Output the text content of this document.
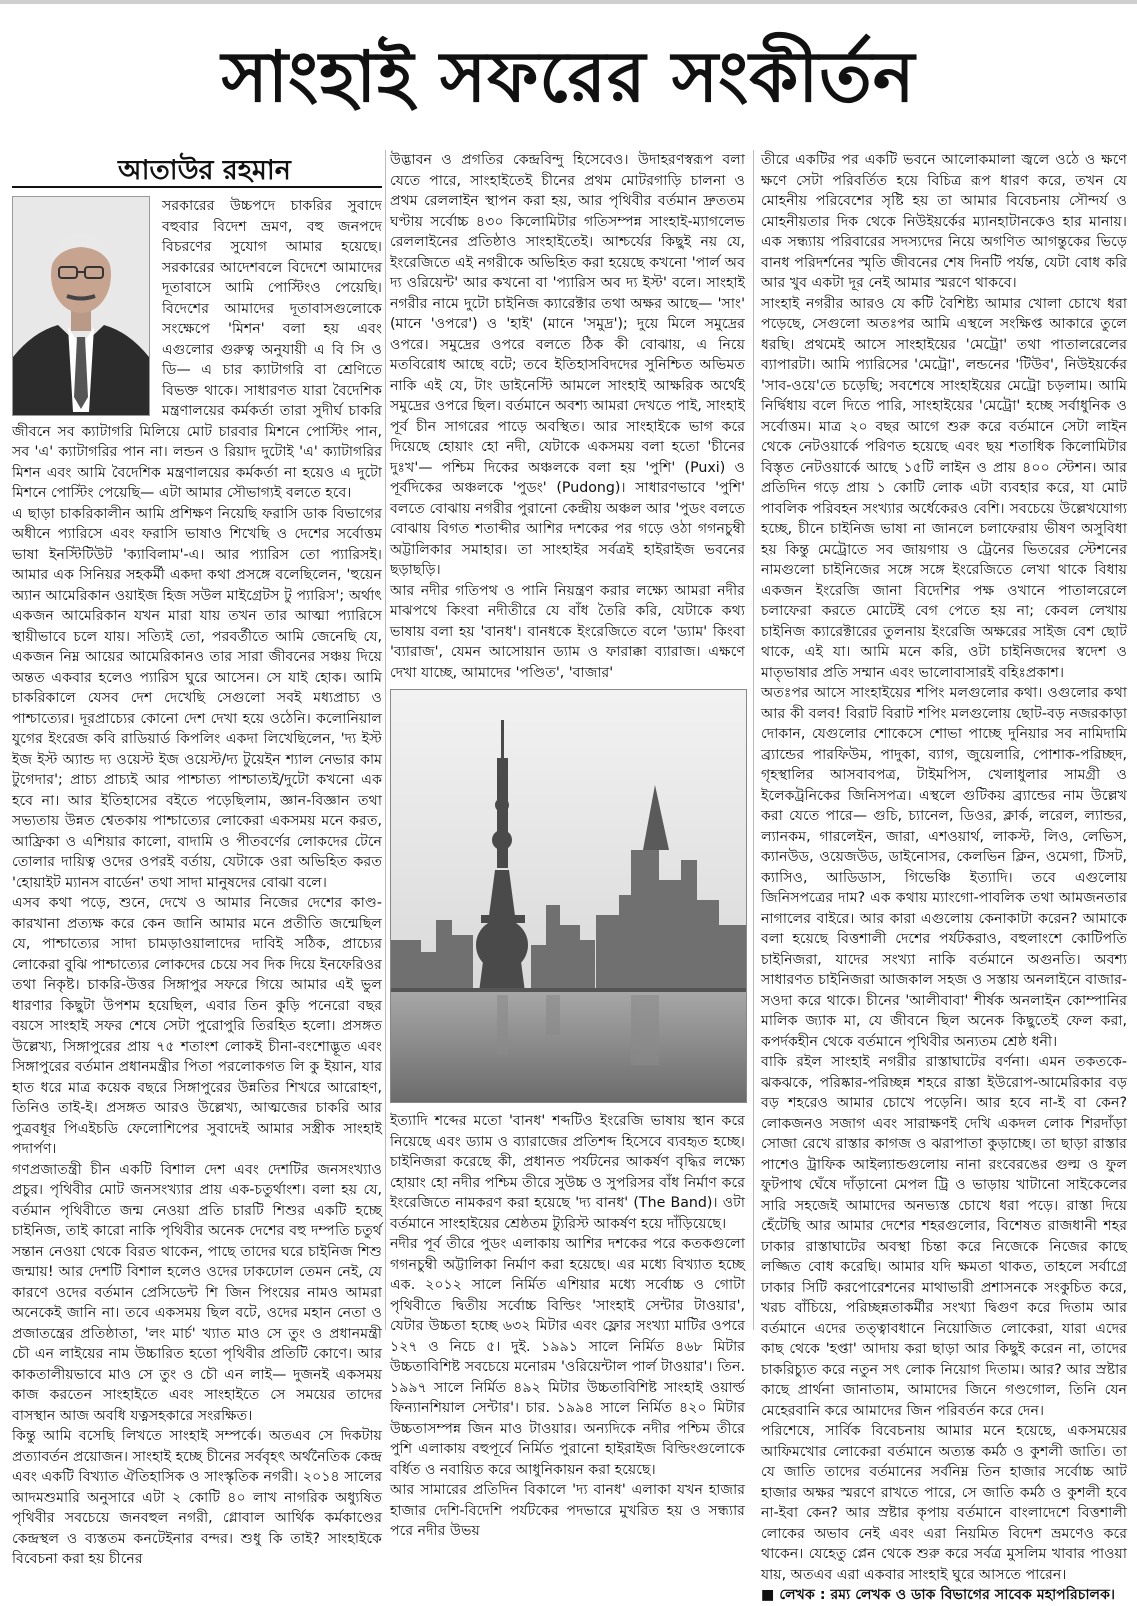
সাংহাই সফরের সংকীর্তন
আতাউর রহমান

সরকারের উচ্চপদে চাকরির সুবাদে বহুবার বিদেশ ভ্রমণ, বহু জনপদে বিচরণের সুযোগ আমার হয়েছে। সরকারের আদেশবলে বিদেশে আমাদের দূতাবাসে আমি পোস্টিংও পেয়েছি। বিদেশের আমাদের দূতাবাসগুলোকে সংক্ষেপে 'মিশন' বলা হয় এবং এগুলোর গুরুত্ব অনুযায়ী এ বি সি ও ডি— এ চার ক্যাটাগরি বা শ্রেণিতে বিভক্ত থাকে। সাধারণত যারা বৈদেশিক মন্ত্রণালয়ের কর্মকর্তা তারা সুদীর্ঘ চাকরি জীবনে সব ক্যাটাগরি মিলিয়ে মোট চারবার মিশনে পোস্টিং পান, সব 'এ' ক্যাটাগরির পান না। লন্ডন ও রিয়াদ দুটোই 'এ' ক্যাটাগরির মিশন এবং আমি বৈদেশিক মন্ত্রণালয়ের কর্মকর্তা না হয়েও এ দুটো মিশনে পোস্টিং পেয়েছি— এটা আমার সৌভাগ্যই বলতে হবে।

এ ছাড়া চাকরিকালীন আমি প্রশিক্ষণ নিয়েছি ফরাসি ডাক বিভাগের অধীনে প্যারিসে এবং ফরাসি ভাষাও শিখেছি ও দেশের সর্বোত্তম ভাষা ইনস্টিটিউট 'ক্যাবিলাম'-এ। আর প্যারিস তো প্যারিসই। আমার এক সিনিয়র সহকর্মী একদা কথা প্রসঙ্গে বলেছিলেন, 'হুয়েন অ্যান আমেরিকান ওয়াইজ হিজ সউল মাইগ্রেটস টু প্যারিস'; অর্থাৎ একজন আমেরিকান যখন মারা যায় তখন তার আত্মা প্যারিসে স্থায়ীভাবে চলে যায়। সত্যিই তো, পরবর্তীতে আমি জেনেছি যে, একজন নিম্ন আয়ের আমেরিকানও তার সারা জীবনের সঞ্চয় দিয়ে অন্তত একবার হলেও প্যারিস ঘুরে আসেন। সে যাই হোক। আমি চাকরিকালে যেসব দেশ দেখেছি সেগুলো সবই মধ্যপ্রাচ্য ও পাশ্চাত্যের। দূরপ্রাচ্যের কোনো দেশ দেখা হয়ে ওঠেনি। কলোনিয়াল যুগের ইংরেজ কবি রাডিয়ার্ড কিপলিং একদা লিখেছিলেন, 'দ্য ইস্ট ইজ ইস্ট অ্যান্ড দ্য ওয়েস্ট ইজ ওয়েস্ট/দ্য টুয়েইন শ্যাল নেভার কাম টুগেদার'; প্রাচ্য প্রাচ্যই আর পাশ্চাত্য পাশ্চাত্যই/দুটো কখনো এক হবে না। আর ইতিহাসের বইতে পড়েছিলাম, জ্ঞান-বিজ্ঞান তথা সভ্যতায় উন্নত শ্বেতকায় পাশ্চাত্যের লোকেরা একসময় মনে করত, আফ্রিকা ও এশিয়ার কালো, বাদামি ও পীতবর্ণের লোকদের টেনে তোলার দায়িত্ব ওদের ওপরই বর্তায়, যেটাকে ওরা অভিহিত করত 'হোয়াইট ম্যানস বার্ডেন' তথা সাদা মানুষদের বোঝা বলে।

এসব কথা পড়ে, শুনে, দেখে ও আমার নিজের দেশের কাণ্ড-কারখানা প্রত্যক্ষ করে কেন জানি আমার মনে প্রতীতি জন্মেছিল যে, পাশ্চাত্যের সাদা চামড়াওয়ালাদের দাবিই সঠিক, প্রাচ্যের লোকেরা বুঝি পাশ্চাত্যের লোকদের চেয়ে সব দিক দিয়ে ইনফেরিওর তথা নিকৃষ্ট। চাকরি-উত্তর সিঙ্গাপুর সফরে গিয়ে আমার এই ভুল ধারণার কিছুটা উপশম হয়েছিল, এবার তিন কুড়ি পনেরো বছর বয়সে সাংহাই সফর শেষে সেটা পুরোপুরি তিরহিত হলো। প্রসঙ্গত উল্লেখ্য, সিঙ্গাপুরের প্রায় ৭৫ শতাংশ লোকই চীনা-বংশোদ্ভূত এবং সিঙ্গাপুরের বর্তমান প্রধানমন্ত্রীর পিতা পরলোকগত লি কু ইয়ান, যার হাত ধরে মাত্র কয়েক বছরে সিঙ্গাপুরের উন্নতির শিখরে আরোহণ, তিনিও তাই-ই। প্রসঙ্গত আরও উল্লেখ্য, আত্মজের চাকরি আর পুত্রবধূর পিএইচডি ফেলোশিপের সুবাদেই আমার সস্ত্রীক সাংহাই পদার্পণ।

গণপ্রজাতন্ত্রী চীন একটি বিশাল দেশ এবং দেশটির জনসংখ্যাও প্রচুর। পৃথিবীর মোট জনসংখ্যার প্রায় এক-চতুর্থাংশ। বলা হয় যে, বর্তমান পৃথিবীতে জন্ম নেওয়া প্রতি চারটি শিশুর একটি হচ্ছে চাইনিজ, তাই কারো নাকি পৃথিবীর অনেক দেশের বহু দম্পতি চতুর্থ সন্তান নেওয়া থেকে বিরত থাকেন, পাছে তাদের ঘরে চাইনিজ শিশু জন্মায়! আর দেশটি বিশাল হলেও ওদের ঢাকঢোল তেমন নেই, যে কারণে ওদের বর্তমান প্রেসিডেন্ট শি জিন পিংয়ের নামও আমরা অনেকেই জানি না। তবে একসময় ছিল বটে, ওদের মহান নেতা ও প্রজাতন্ত্রের প্রতিষ্ঠাতা, 'লং মার্চ' খ্যাত মাও সে তুং ও প্রধানমন্ত্রী চৌ এন লাইয়ের নাম উচ্চারিত হতো পৃথিবীর প্রতিটি কোণে। আর কাকতালীয়ভাবে মাও সে তুং ও চৌ এন লাই— দুজনই একসময় কাজ করতেন সাংহাইতে এবং সাংহাইতে সে সময়ের তাদের বাসস্থান আজ অবধি যত্নসহকারে সংরক্ষিত।

কিন্তু আমি বসেছি লিখতে সাংহাই সম্পর্কে। অতএব সে দিকটায় প্রত্যাবর্তন প্রয়োজন। সাংহাই হচ্ছে চীনের সর্ববৃহৎ অর্থনৈতিক কেন্দ্র এবং একটি বিখ্যাত ঐতিহাসিক ও সাংস্কৃতিক নগরী। ২০১৪ সালের আদমশুমারি অনুসারে এটা ২ কোটি ৪০ লাখ নাগরিক অধ্যুষিত পৃথিবীর সবচেয়ে জনবহুল নগরী, গ্লোবাল আর্থিক কর্মকাণ্ডের কেন্দ্রস্থল ও ব্যস্ততম কনটেইনার বন্দর। শুধু কি তাই? সাংহাইকে বিবেচনা করা হয় চীনের

উদ্ভাবন ও প্রগতির কেন্দ্রবিন্দু হিসেবেও। উদাহরণস্বরূপ বলা যেতে পারে, সাংহাইতেই চীনের প্রথম মোটরগাড়ি চালনা ও প্রথম রেললাইন স্থাপন করা হয়, আর পৃথিবীর বর্তমান দ্রুততম ঘণ্টায় সর্বোচ্চ ৪৩০ কিলোমিটার গতিসম্পন্ন সাংহাই-ম্যাগলেভ রেললাইনের প্রতিষ্ঠাও সাংহাইতেই। আশ্চর্যের কিছুই নয় যে, ইংরেজিতে এই নগরীকে অভিহিত করা হয়েছে কখনো 'পার্ল অব দ্য ওরিয়েন্ট' আর কখনো বা 'প্যারিস অব দ্য ইস্ট' বলে। সাংহাই নগরীর নামে দুটো চাইনিজ ক্যারেক্টার তথা অক্ষর আছে— 'সাং' (মানে 'ওপরে') ও 'হাই' (মানে 'সমুদ্র'); দুয়ে মিলে সমুদ্রের ওপরে। সমুদ্রের ওপরে বলতে ঠিক কী বোঝায়, এ নিয়ে মতবিরোধ আছে বটে; তবে ইতিহাসবিদদের সুনিশ্চিত অভিমত নাকি এই যে, টাং ডাইনেস্টি আমলে সাংহাই আক্ষরিক অর্থেই সমুদ্রের ওপরে ছিল। বর্তমানে অবশ্য আমরা দেখতে পাই, সাংহাই পূর্ব চীন সাগরের পাড়ে অবস্থিত। আর সাংহাইকে ভাগ করে দিয়েছে হোয়াং হো নদী, যেটাকে একসময় বলা হতো 'চীনের দুঃখ'— পশ্চিম দিকের অঞ্চলকে বলা হয় 'পুশি' (Puxi) ও পূর্বদিকের অঞ্চলকে 'পুডং' (Pudong)। সাধারণভাবে 'পুশি' বলতে বোঝায় নগরীর পুরানো কেন্দ্রীয় অঞ্চল আর 'পুডং বলতে বোঝায় বিগত শতাব্দীর আশির দশকের পর গড়ে ওঠা গগনচুম্বী অট্টালিকার সমাহার। তা সাংহাইর সর্বত্রই হাইরাইজ ভবনের ছড়াছড়ি।

আর নদীর গতিপথ ও পানি নিয়ন্ত্রণ করার লক্ষ্যে আমরা নদীর মাঝপথে কিংবা নদীতীরে যে বাঁধ তৈরি করি, যেটাকে কথ্য ভাষায় বলা হয় 'বানধ'। বানধকে ইংরেজিতে বলে 'ড্যাম' কিংবা 'ব্যারাজ', যেমন আসোয়ান ড্যাম ও ফারাক্কা ব্যারাজ। এক্ষণে দেখা যাচ্ছে, আমাদের 'পণ্ডিত', 'বাজার'

ইত্যাদি শব্দের মতো 'বানধ' শব্দটিও ইংরেজি ভাষায় স্থান করে নিয়েছে এবং ড্যাম ও ব্যারাজের প্রতিশব্দ হিসেবে ব্যবহৃত হচ্ছে। চাইনিজরা করেছে কী, প্রধানত পর্যটনের আকর্ষণ বৃদ্ধির লক্ষ্যে হোয়াং হো নদীর পশ্চিম তীরে সুউচ্চ ও সুপরিসর বাঁধ নির্মাণ করে ইংরেজিতে নামকরণ করা হয়েছে 'দ্য বানধ' (The Band)। ওটা বর্তমানে সাংহাইয়ের শ্রেষ্ঠতম ট্যুরিস্ট আকর্ষণ হয়ে দাঁড়িয়েছে।

নদীর পূর্ব তীরে পুডং এলাকায় আশির দশকের পরে কতকগুলো গগনচুম্বী অট্টালিকা নির্মাণ করা হয়েছে। এর মধ্যে বিখ্যাত হচ্ছে এক. ২০১২ সালে নির্মিত এশিয়ার মধ্যে সর্বোচ্চ ও গোটা পৃথিবীতে দ্বিতীয় সর্বোচ্চ বিল্ডিং 'সাংহাই সেন্টার টাওয়ার', যেটার উচ্চতা হচ্ছে ৬৩২ মিটার এবং ফ্লোর সংখ্যা মাটির ওপরে ১২৭ ও নিচে ৫। দুই. ১৯৯১ সালে নির্মিত ৪৬৮ মিটার উচ্চতাবিশিষ্ট সবচেয়ে মনোরম 'ওরিয়েন্টাল পার্ল টাওয়ার'। তিন. ১৯৯৭ সালে নির্মিত ৪৯২ মিটার উচ্চতাবিশিষ্ট সাংহাই ওয়ার্ল্ড ফিন্যানশিয়াল সেন্টার'। চার. ১৯৯৪ সালে নির্মিত ৪২০ মিটার উচ্চতাসম্পন্ন জিন মাও টাওয়ার। অন্যদিকে নদীর পশ্চিম তীরে পুশি এলাকায় বহুপূর্বে নির্মিত পুরানো হাইরাইজ বিল্ডিংগুলোকে বর্ধিত ও নবায়িত করে আধুনিকায়ন করা হয়েছে।

আর সামারের প্রতিদিন বিকালে 'দ্য বানধ' এলাকা যখন হাজার হাজার দেশি-বিদেশি পর্যটকের পদভারে মুখরিত হয় ও সন্ধ্যার পরে নদীর উভয়

তীরে একটির পর একটি ভবনে আলোকমালা জ্বলে ওঠে ও ক্ষণে ক্ষণে সেটা পরিবর্তিত হয়ে বিচিত্র রূপ ধারণ করে, তখন যে মোহনীয় পরিবেশের সৃষ্টি হয় তা আমার বিবেচনায় সৌন্দর্য ও মোহনীয়তার দিক থেকে নিউইয়র্কের ম্যানহাটানকেও হার মানায়। এক সন্ধ্যায় পরিবারের সদস্যদের নিয়ে অগণিত আগন্তুকের ভিড়ে বানধ পরিদর্শনের স্মৃতি জীবনের শেষ দিনটি পর্যন্ত, যেটা বোধ করি আর খুব একটা দূর নেই আমার স্মরণে থাকবে।

সাংহাই নগরীর আরও যে কটি বৈশিষ্ট্য আমার খোলা চোখে ধরা পড়েছে, সেগুলো অতঃপর আমি এস্থলে সংক্ষিপ্ত আকারে তুলে ধরছি। প্রথমেই আসে সাংহাইয়ের 'মেট্রো' তথা পাতালরেলের ব্যাপারটা। আমি প্যারিসের 'মেট্রো', লন্ডনের 'টিউব', নিউইয়র্কের 'সাব-ওয়ে'তে চড়েছি; সবশেষে সাংহাইয়ের মেট্রো চড়লাম। আমি নির্দ্বিধায় বলে দিতে পারি, সাংহাইয়ের 'মেট্রো' হচ্ছে সর্বাধুনিক ও সর্বোত্তম। মাত্র ২০ বছর আগে শুরু করে বর্তমানে সেটা লাইন থেকে নেটওয়ার্কে পরিণত হয়েছে এবং ছয় শতাধিক কিলোমিটার বিস্তৃত নেটওয়ার্কে আছে ১৫টি লাইন ও প্রায় ৪০০ স্টেশন। আর প্রতিদিন গড়ে প্রায় ১ কোটি লোক এটা ব্যবহার করে, যা মোট পাবলিক পরিবহন সংখ্যার অর্ধেকেরও বেশি। সবচেয়ে উল্লেখযোগ্য হচ্ছে, চীনে চাইনিজ ভাষা না জানলে চলাফেরায় ভীষণ অসুবিধা হয় কিন্তু মেট্রোতে সব জায়গায় ও ট্রেনের ভিতরের স্টেশনের নামগুলো চাইনিজের সঙ্গে সঙ্গে ইংরেজিতে লেখা থাকে বিধায় একজন ইংরেজি জানা বিদেশির পক্ষ ওখানে পাতালরেলে চলাফেরা করতে মোটেই বেগ পেতে হয় না; কেবল লেখায় চাইনিজ ক্যারেক্টারের তুলনায় ইংরেজি অক্ষরের সাইজ বেশ ছোট থাকে, এই যা। আমি মনে করি, ওটা চাইনিজদের স্বদেশ ও মাতৃভাষার প্রতি সম্মান এবং ভালোবাসারই বহিঃপ্রকাশ।

অতঃপর আসে সাংহাইয়ের শপিং মলগুলোর কথা। ওগুলোর কথা আর কী বলব! বিরাট বিরাট শপিং মলগুলোয় ছোট-বড় নজরকাড়া দোকান, যেগুলোর শোকেসে শোভা পাচ্ছে দুনিয়ার সব নামিদামি ব্র্যান্ডের পারফিউম, পাদুকা, ব্যাগ, জুয়েলারি, পোশাক-পরিচ্ছদ, গৃহস্থালির আসবাবপত্র, টাইমপিস, খেলাধুলার সামগ্রী ও ইলেকট্রনিকের জিনিসপত্র। এস্থলে গুটিকয় ব্র্যান্ডের নাম উল্লেখ করা যেতে পারে— গুচি, চ্যানেল, ডিওর, ক্লার্ক, লরেল, ল্যান্ডর, ল্যানকম, গারলেইন, জারা, এশওয়ার্থ, লাকস্ট, লিও, লেভিস, ক্যানউড, ওয়েজউড, ডাইনোসর, কেলভিন ক্লিন, ওমেগা, টিসট, ক্যাসিও, আডিডাস, গিভেঞ্চি ইত্যাদি। তবে এগুলোয় জিনিসপত্রের দাম? এক কথায় ম্যাংগো-পাবলিক তথা আমজনতার নাগালের বাইরে। আর কারা এগুলোয় কেনাকাটা করেন? আমাকে বলা হয়েছে বিত্তশালী দেশের পর্যটকরাও, বহুলাংশে কোটিপতি চাইনিজরা, যাদের সংখ্যা নাকি বর্তমানে অগুনতি। অবশ্য সাধারণত চাইনিজরা আজকাল সহজ ও সস্তায় অনলাইনে বাজার-সওদা করে থাকে। চীনের 'আলীবাবা' শীর্ষক অনলাইন কোম্পানির মালিক জ্যাক মা, যে জীবনে ছিল অনেক কিছুতেই ফেল করা, কপর্দকহীন থেকে বর্তমানে পৃথিবীর অন্যতম শ্রেষ্ঠ ধনী।

বাকি রইল সাংহাই নগরীর রাস্তাঘাটের বর্ণনা। এমন তকতকে-ঝকঝকে, পরিষ্কার-পরিচ্ছন্ন শহরে রাস্তা ইউরোপ-আমেরিকার বড় বড় শহরেও আমার চোখে পড়েনি। আর হবে না-ই বা কেন? লোকজনও সজাগ এবং সারাক্ষণই দেখি একদল লোক শিরদাঁড়া সোজা রেখে রাস্তার কাগজ ও ঝরাপাতা কুড়াচ্ছে। তা ছাড়া রাস্তার পাশেও ট্রাফিক আইল্যান্ডগুলোয় নানা রংবেরঙের গুল্ম ও ফুল ফুটপাথ ঘেঁষে দাঁড়ানো মেপল ট্রি ও ভাড়ায় খাটানো সাইকেলের সারি সহজেই আমাদের অনভ্যস্ত চোখে ধরা পড়ে। রাস্তা দিয়ে হেঁটেছি আর আমার দেশের শহরগুলোর, বিশেষত রাজধানী শহর ঢাকার রাস্তাঘাটের অবস্থা চিন্তা করে নিজেকে নিজের কাছে লজ্জিত বোধ করেছি। আমার যদি ক্ষমতা থাকত, তাহলে সর্বাগ্রে ঢাকার সিটি করপোরেশনের মাথাভারী প্রশাসনকে সংকুচিত করে, খরচ বাঁচিয়ে, পরিচ্ছন্নতাকর্মীর সংখ্যা দ্বিগুণ করে দিতাম আর বর্তমানে এদের তত্ত্বাবধানে নিয়োজিত লোকেরা, যারা এদের কাছ থেকে 'হপ্তা' আদায় করা ছাড়া আর কিছুই করেন না, তাদের চাকরিচ্যুত করে নতুন সৎ লোক নিয়োগ দিতাম। আর? আর স্রষ্টার কাছে প্রার্থনা জানাতাম, আমাদের জিনে গণ্ডগোল, তিনি যেন মেহেরবানি করে আমাদের জিন পরিবর্তন করে দেন।

পরিশেষে, সার্বিক বিবেচনায় আমার মনে হয়েছে, একসময়ের আফিমখোর লোকেরা বর্তমানে অত্যন্ত কর্মঠ ও কুশলী জাতি। তা যে জাতি তাদের বর্তমানের সর্বনিম্ন তিন হাজার সর্বোচ্চ আট হাজার অক্ষর স্মরণে রাখতে পারে, সে জাতি কর্মঠ ও কুশলী হবে না-ইবা কেন? আর স্রষ্টার কৃপায় বর্তমানে বাংলাদেশে বিত্তশালী লোকের অভাব নেই এবং এরা নিয়মিত বিদেশ ভ্রমণেও করে থাকেন। যেহেতু প্লেন থেকে শুরু করে সর্বত্র মুসলিম খাবার পাওয়া যায়, অতএব এরা একবার সাংহাই ঘুরে আসতে পারেন।

■ লেখক : রম্য লেখক ও ডাক বিভাগের সাবেক মহাপরিচালক।
